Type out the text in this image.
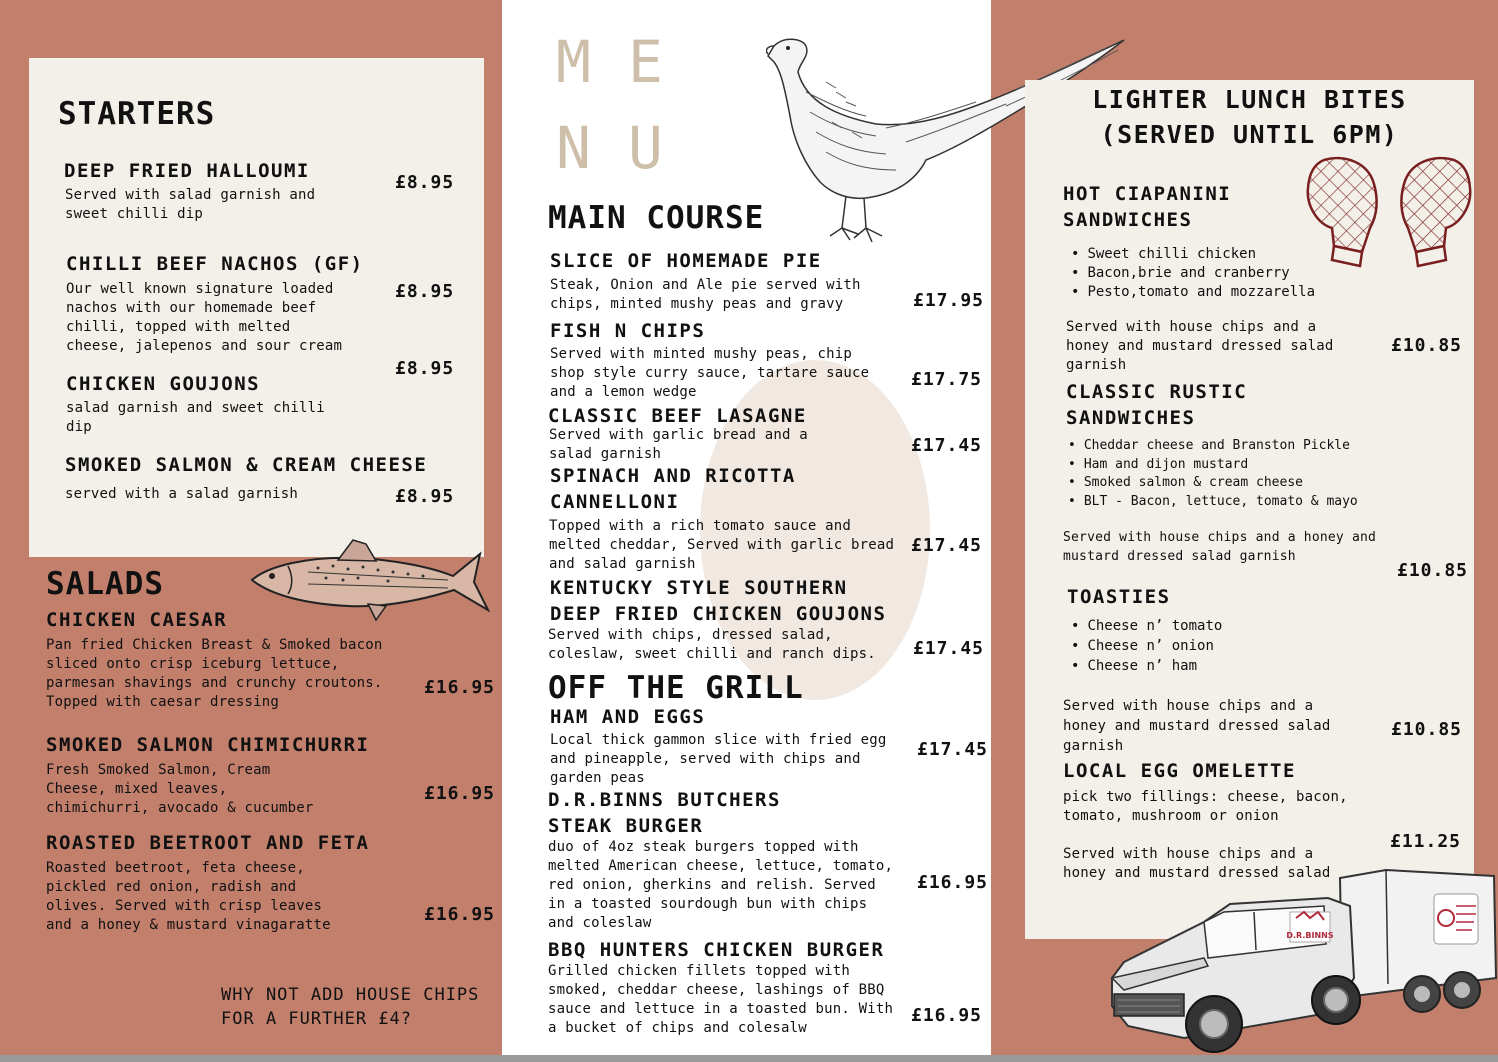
STARTERS
DEEP FRIED HALLOUMI
Served with salad garnish and sweet chilli dip
£8.95
CHILLI BEEF NACHOS (GF)
Our well known signature loaded nachos with our homemade beef chilli, topped with melted cheese, jalepenos and sour cream
£8.95
CHICKEN GOUJONS
salad garnish and sweet chilli dip
£8.95
SMOKED SALMON & CREAM CHEESE
served with a salad garnish	£8.95
SALADS
CHICKEN CAESAR
Pan fried Chicken Breast & Smoked bacon sliced onto crisp iceburg lettuce, parmesan shavings and crunchy croutons. Topped with caesar dressing
£16.95
SMOKED SALMON CHIMICHURRI
Fresh Smoked Salmon, Cream Cheese, mixed leaves, chimichurri, avocado & cucumber
£16.95
ROASTED BEETROOT AND FETA
Roasted beetroot, feta cheese, pickled red onion, radish and olives. Served with crisp leaves and a honey & mustard vinagaratte	£16.95
WHY NOT ADD HOUSE CHIPS FOR A FURTHER £4?
M E
N U
MAIN COURSE
SLICE OF HOMEMADE PIE
Steak, Onion and Ale pie served with chips, minted mushy peas and gravy	£17.95
FISH N CHIPS
Served with minted mushy peas, chip shop style curry sauce, tartare sauce and a lemon wedge
£17.75
CLASSIC BEEF LASAGNE
Served with garlic bread and a salad garnish	£17.45
SPINACH AND RICOTTA CANNELLONI
Topped with a rich tomato sauce and melted cheddar, Served with garlic bread and salad garnish
£17.45
KENTUCKY STYLE SOUTHERN DEEP FRIED CHICKEN GOUJONS
Served with chips, dressed salad, coleslaw, sweet chilli and ranch dips.	£17.45
OFF THE GRILL
HAM AND EGGS
Local thick gammon slice with fried egg and pineapple, served with chips and garden peas
£17.45
D.R.BINNS BUTCHERS STEAK BURGER
duo of 4oz steak burgers topped with melted American cheese, lettuce, tomato, red onion, gherkins and relish. Served in a toasted sourdough bun with chips and coleslaw
£16.95
BBQ HUNTERS CHICKEN BURGER
Grilled chicken fillets topped with smoked, cheddar cheese, lashings of BBQ sauce and lettuce in a toasted bun. With a bucket of chips and colesalw
£16.95
LIGHTER LUNCH BITES
(SERVED UNTIL 6PM)
HOT CIAPANINI
SANDWICHES
• Sweet chilli chicken
• Bacon,brie and cranberry
• Pesto,tomato and mozzarella
Served with house chips and a honey and mustard dressed salad garnish
£10.85
CLASSIC RUSTIC
SANDWICHES
• Cheddar cheese and Branston Pickle
• Ham and dijon mustard
• Smoked salmon & cream cheese
• BLT - Bacon, lettuce, tomato & mayo
Served with house chips and a honey and mustard dressed salad garnish
£10.85
TOASTIES
• Cheese n’ tomato
• Cheese n’ onion
• Cheese n’ ham
Served with house chips and a honey and mustard dressed salad garnish
£10.85
LOCAL EGG OMELETTE
pick two fillings: cheese, bacon, tomato, mushroom or onion
Served with house chips and a honey and mustard dressed salad
£11.25
D.R.BINNS
